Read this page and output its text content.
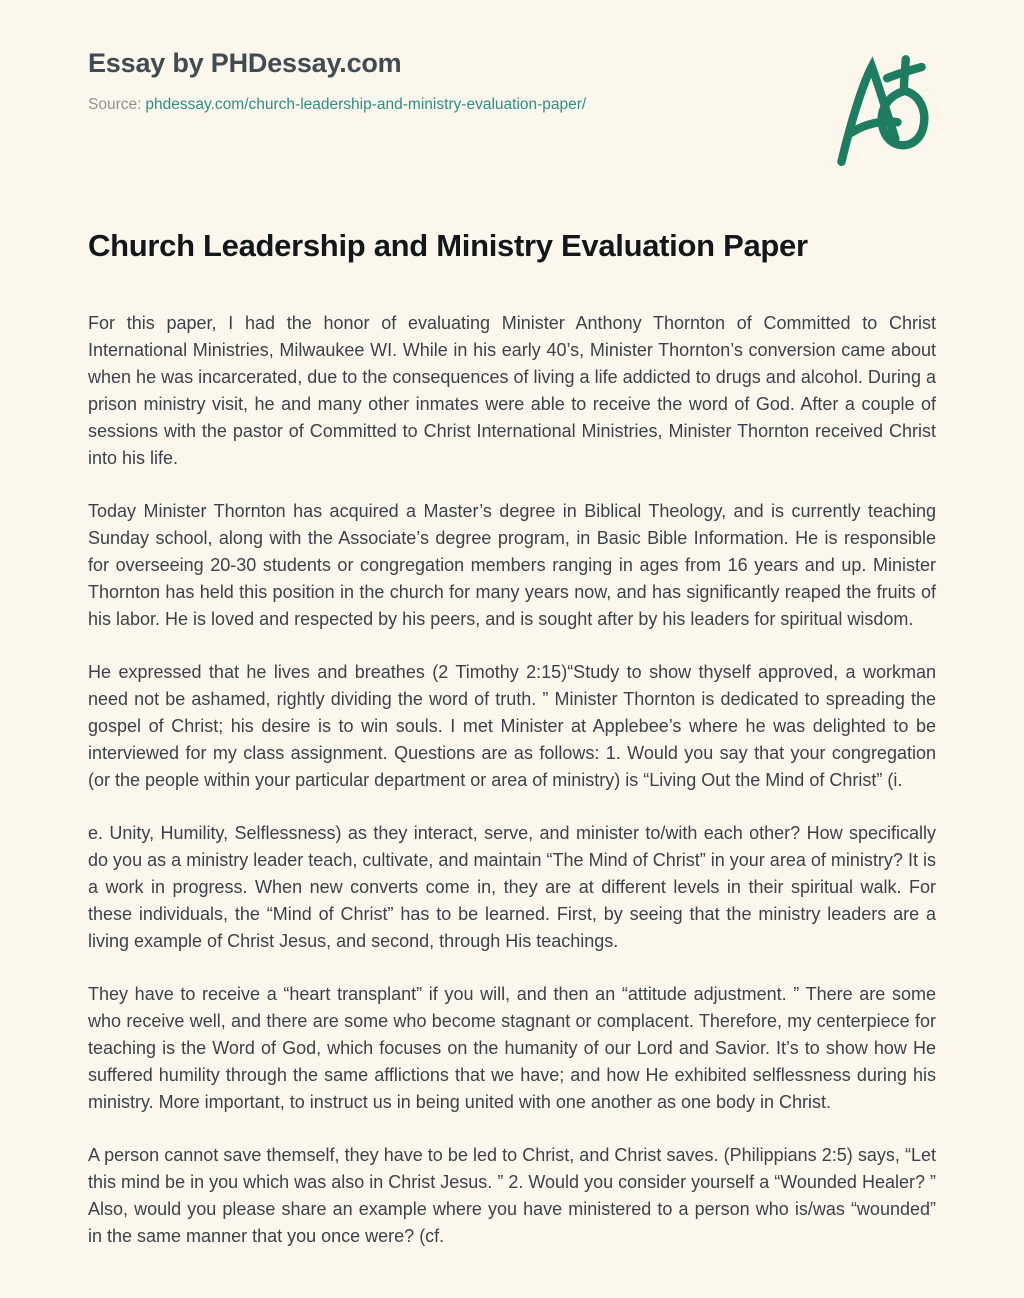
Essay by PHDessay.com
Source: phdessay.com/church-leadership-and-ministry-evaluation-paper/
Church Leadership and Ministry Evaluation Paper

For this paper, I had the honor of evaluating Minister Anthony Thornton of Committed to Christ International Ministries, Milwaukee WI. While in his early 40’s, Minister Thornton’s conversion came about when he was incarcerated, due to the consequences of living a life addicted to drugs and alcohol. During a prison ministry visit, he and many other inmates were able to receive the word of God. After a couple of sessions with the pastor of Committed to Christ International Ministries, Minister Thornton received Christ into his life.

Today Minister Thornton has acquired a Master’s degree in Biblical Theology, and is currently teaching Sunday school, along with the Associate’s degree program, in Basic Bible Information. He is responsible for overseeing 20-30 students or congregation members ranging in ages from 16 years and up. Minister Thornton has held this position in the church for many years now, and has significantly reaped the fruits of his labor. He is loved and respected by his peers, and is sought after by his leaders for spiritual wisdom.

He expressed that he lives and breathes (2 Timothy 2:15)“Study to show thyself approved, a workman need not be ashamed, rightly dividing the word of truth. ” Minister Thornton is dedicated to spreading the gospel of Christ; his desire is to win souls. I met Minister at Applebee’s where he was delighted to be interviewed for my class assignment. Questions are as follows: 1. Would you say that your congregation (or the people within your particular department or area of ministry) is “Living Out the Mind of Christ” (i.

e. Unity, Humility, Selflessness) as they interact, serve, and minister to/with each other? How specifically do you as a ministry leader teach, cultivate, and maintain “The Mind of Christ” in your area of ministry? It is a work in progress. When new converts come in, they are at different levels in their spiritual walk. For these individuals, the “Mind of Christ” has to be learned. First, by seeing that the ministry leaders are a living example of Christ Jesus, and second, through His teachings.

They have to receive a “heart transplant” if you will, and then an “attitude adjustment. ” There are some who receive well, and there are some who become stagnant or complacent. Therefore, my centerpiece for teaching is the Word of God, which focuses on the humanity of our Lord and Savior. It’s to show how He suffered humility through the same afflictions that we have; and how He exhibited selflessness during his ministry. More important, to instruct us in being united with one another as one body in Christ.

A person cannot save themself, they have to be led to Christ, and Christ saves. (Philippians 2:5) says, “Let this mind be in you which was also in Christ Jesus. ” 2. Would you consider yourself a “Wounded Healer? ” Also, would you please share an example where you have ministered to a person who is/was “wounded” in the same manner that you once were? (cf.
